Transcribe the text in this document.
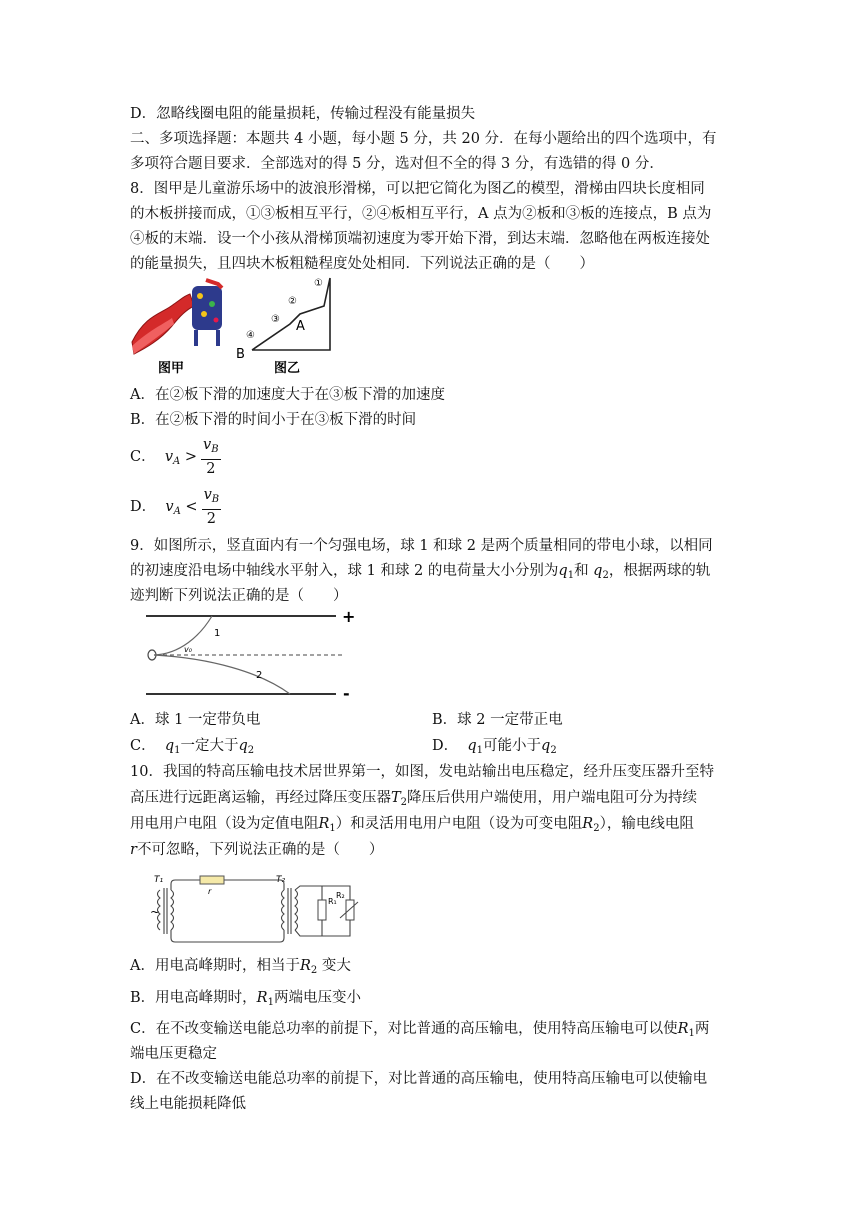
D．忽略线圈电阻的能量损耗，传输过程没有能量损失
二、多项选择题：本题共 4 小题，每小题 5 分，共 20 分．在每小题给出的四个选项中，有
多项符合题目要求．全部选对的得 5 分，选对但不全的得 3 分，有选错的得 0 分．
8．图甲是儿童游乐场中的波浪形滑梯，可以把它简化为图乙的模型，滑梯由四块长度相同
的木板拼接而成，①③板相互平行，②④板相互平行，A 点为②板和③板的连接点，B 点为
④板的末端．设一个小孩从滑梯顶端初速度为零开始下滑，到达末端．忽略他在两板连接处
的能量损失，且四块木板粗糙程度处处相同．下列说法正确的是（　　）
图甲
①
②
③
④
A
B
图乙
A．在②板下滑的加速度大于在③板下滑的加速度
B．在②板下滑的时间小于在③板下滑的时间
C． $v_A > \frac{v_B}{2}$
D． $v_A < \frac{v_B}{2}$
9．如图所示，竖直面内有一个匀强电场，球 1 和球 2 是两个质量相同的带电小球，以相同
的初速度沿电场中轴线水平射入，球 1 和球 2 的电荷量大小分别为$q_1$和 $q_2$，根据两球的轨
迹判断下列说法正确的是（　　）
+
-
1
2
v₀
A．球 1 一定带负电	B．球 2 一定带正电
C． $q_1$一定大于$q_2$	D． $q_1$可能小于$q_2$
10．我国的特高压输电技术居世界第一，如图，发电站输出电压稳定，经升压变压器升至特
高压进行远距离运输，再经过降压变压器$T_2$降压后供用户端使用，用户端电阻可分为持续
用电用户电阻（设为定值电阻$R_1$）和灵活用电用户电阻（设为可变电阻$R_2$），输电线电阻
r不可忽略，下列说法正确的是（　　）
~
T₁	T₂
r
R₁
R₂
A．用电高峰期时，相当于$R_2$ 变大
B．用电高峰期时，$R_1$两端电压变小
C．在不改变输送电能总功率的前提下，对比普通的高压输电，使用特高压输电可以使$R_1$两
端电压更稳定
D．在不改变输送电能总功率的前提下，对比普通的高压输电，使用特高压输电可以使输电
线上电能损耗降低
